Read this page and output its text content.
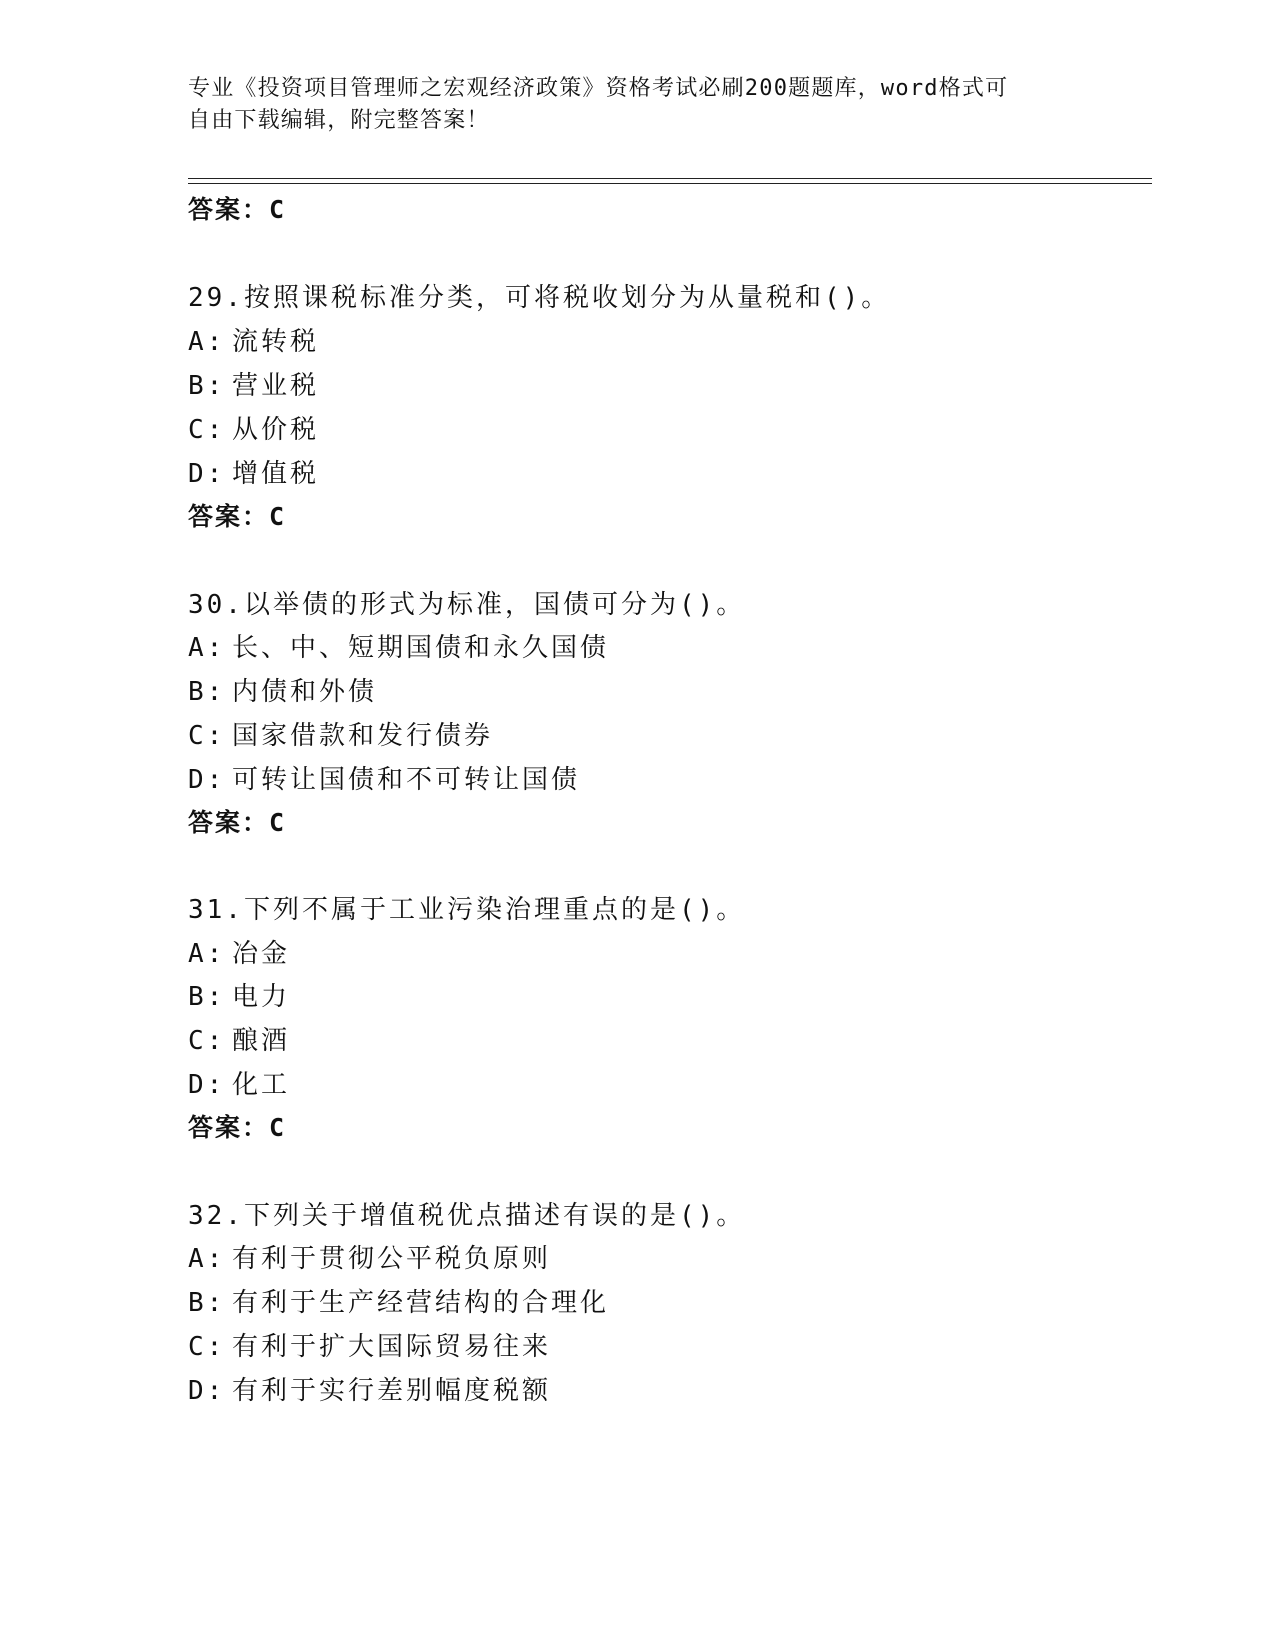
专业《投资项目管理师之宏观经济政策》资格考试必刷200题题库，word格式可
自由下载编辑，附完整答案！
答案：C
29.按照课税标准分类，可将税收划分为从量税和()。
A: 流转税
B: 营业税
C: 从价税
D: 增值税
答案：C
30.以举债的形式为标准，国债可分为()。
A: 长、中、短期国债和永久国债
B: 内债和外债
C: 国家借款和发行债券
D: 可转让国债和不可转让国债
答案：C
31.下列不属于工业污染治理重点的是()。
A: 冶金
B: 电力
C: 酿酒
D: 化工
答案：C
32.下列关于增值税优点描述有误的是()。
A: 有利于贯彻公平税负原则
B: 有利于生产经营结构的合理化
C: 有利于扩大国际贸易往来
D: 有利于实行差别幅度税额
